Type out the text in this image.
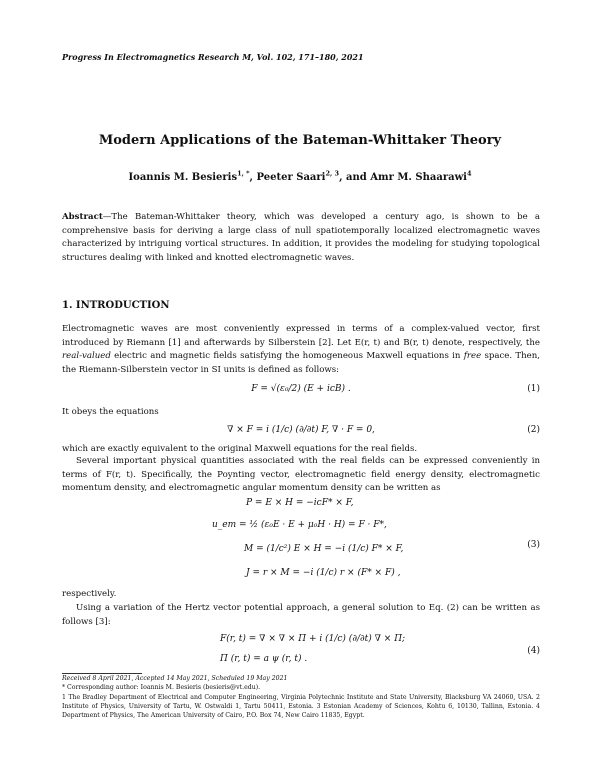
Progress In Electromagnetics Research M, Vol. 102, 171–180, 2021
Modern Applications of the Bateman-Whittaker Theory
Ioannis M. Besieris$^{1, *}$, Peeter Saari$^{2, 3}$, and Amr M. Shaarawi$^4$
Abstract—The Bateman-Whittaker theory, which was developed a century ago, is shown to be a comprehensive basis for deriving a large class of null spatiotemporally localized electromagnetic waves characterized by intriguing vortical structures. In addition, it provides the modeling for studying topological structures dealing with linked and knotted electromagnetic waves.
1. INTRODUCTION
Electromagnetic waves are most conveniently expressed in terms of a complex-valued vector, first introduced by Riemann [1] and afterwards by Silberstein [2]. Let E(r, t) and B(r, t) denote, respectively, the real-valued electric and magnetic fields satisfying the homogeneous Maxwell equations in free space. Then, the Riemann-Silberstein vector in SI units is defined as follows:
F = √(ε₀/2) (E + icB) .	(1)
It obeys the equations
∇ × F = i (1/c) (∂/∂t) F, ∇ · F = 0,	(2)
which are exactly equivalent to the original Maxwell equations for the real fields.
Several important physical quantities associated with the real fields can be expressed conveniently in terms of F(r, t). Specifically, the Poynting vector, electromagnetic field energy density, electromagnetic momentum density, and electromagnetic angular momentum density can be written as
P = E × H = −icF* × F,
u_em = ½ (ε₀E · E + μ₀H · H) = F · F*,
M = (1/c²) E × H = −i (1/c) F* × F,
J = r × M = −i (1/c) r × (F* × F) ,
(3)
respectively.
Using a variation of the Hertz vector potential approach, a general solution to Eq. (2) can be written as follows [3]:
F(r, t) = ∇ × ∇ × Π + i (1/c) (∂/∂t) ∇ × Π;
Π (r, t) = a ψ (r, t) .
(4)
Received 8 April 2021, Accepted 14 May 2021, Scheduled 19 May 2021
* Corresponding author: Ioannis M. Besieris (besieris@vt.edu).
1 The Bradley Department of Electrical and Computer Engineering, Virginia Polytechnic Institute and State University, Blacksburg VA 24060, USA. 2 Institute of Physics, University of Tartu, W. Ostwaldi 1, Tartu 50411, Estonia. 3 Estonian Academy of Sciences, Kohtu 6, 10130, Tallinn, Estonia. 4 Department of Physics, The American University of Cairo, P.O. Box 74, New Cairo 11835, Egypt.
